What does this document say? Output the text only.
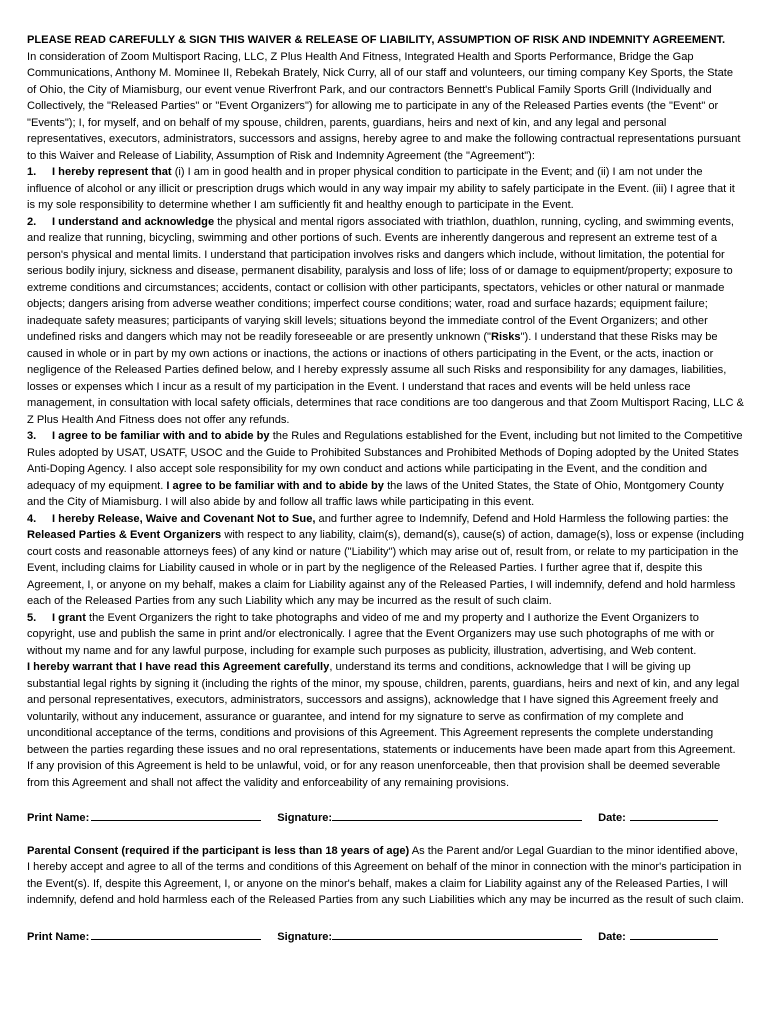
PLEASE READ CAREFULLY & SIGN THIS WAIVER & RELEASE OF LIABILITY, ASSUMPTION OF RISK AND INDEMNITY AGREEMENT.

In consideration of Zoom Multisport Racing, LLC, Z Plus Health And Fitness, Integrated Health and Sports Performance, Bridge the Gap Communications, Anthony M. Mominee II, Rebekah Brately, Nick Curry, all of our staff and volunteers, our timing company Key Sports, the State of Ohio, the City of Miamisburg, our event venue Riverfront Park, and our contractors Bennett's Publical Family Sports Grill (Individually and Collectively, the "Released Parties" or "Event Organizers") for allowing me to participate in any of the Released Parties events (the "Event" or "Events"); I, for myself, and on behalf of my spouse, children, parents, guardians, heirs and next of kin, and any legal and personal representatives, executors, administrators, successors and assigns, hereby agree to and make the following contractual representations pursuant to this Waiver and Release of Liability, Assumption of Risk and Indemnity Agreement (the "Agreement"):

1. I hereby represent that (i) I am in good health and in proper physical condition to participate in the Event; and (ii) I am not under the influence of alcohol or any illicit or prescription drugs which would in any way impair my ability to safely participate in the Event. (iii) I agree that it is my sole responsibility to determine whether I am sufficiently fit and healthy enough to participate in the Event.

2. I understand and acknowledge the physical and mental rigors associated with triathlon, duathlon, running, cycling, and swimming events, and realize that running, bicycling, swimming and other portions of such. Events are inherently dangerous and represent an extreme test of a person's physical and mental limits. I understand that participation involves risks and dangers which include, without limitation, the potential for serious bodily injury, sickness and disease, permanent disability, paralysis and loss of life; loss of or damage to equipment/property; exposure to extreme conditions and circumstances; accidents, contact or collision with other participants, spectators, vehicles or other natural or manmade objects; dangers arising from adverse weather conditions; imperfect course conditions; water, road and surface hazards; equipment failure; inadequate safety measures; participants of varying skill levels; situations beyond the immediate control of the Event Organizers; and other undefined risks and dangers which may not be readily foreseeable or are presently unknown ("Risks"). I understand that these Risks may be caused in whole or in part by my own actions or inactions, the actions or inactions of others participating in the Event, or the acts, inaction or negligence of the Released Parties defined below, and I hereby expressly assume all such Risks and responsibility for any damages, liabilities, losses or expenses which I incur as a result of my participation in the Event. I understand that races and events will be held unless race management, in consultation with local safety officials, determines that race conditions are too dangerous and that Zoom Multisport Racing, LLC & Z Plus Health And Fitness does not offer any refunds.

3. I agree to be familiar with and to abide by the Rules and Regulations established for the Event, including but not limited to the Competitive Rules adopted by USAT, USATF, USOC and the Guide to Prohibited Substances and Prohibited Methods of Doping adopted by the United States Anti-Doping Agency. I also accept sole responsibility for my own conduct and actions while participating in the Event, and the condition and adequacy of my equipment. I agree to be familiar with and to abide by the laws of the United States, the State of Ohio, Montgomery County and the City of Miamisburg. I will also abide by and follow all traffic laws while participating in this event.

4. I hereby Release, Waive and Covenant Not to Sue, and further agree to Indemnify, Defend and Hold Harmless the following parties: the Released Parties & Event Organizers with respect to any liability, claim(s), demand(s), cause(s) of action, damage(s), loss or expense (including court costs and reasonable attorneys fees) of any kind or nature ("Liability") which may arise out of, result from, or relate to my participation in the Event, including claims for Liability caused in whole or in part by the negligence of the Released Parties. I further agree that if, despite this Agreement, I, or anyone on my behalf, makes a claim for Liability against any of the Released Parties, I will indemnify, defend and hold harmless each of the Released Parties from any such Liability which any may be incurred as the result of such claim.

5. I grant the Event Organizers the right to take photographs and video of me and my property and I authorize the Event Organizers to copyright, use and publish the same in print and/or electronically. I agree that the Event Organizers may use such photographs of me with or without my name and for any lawful purpose, including for example such purposes as publicity, illustration, advertising, and Web content.

I hereby warrant that I have read this Agreement carefully, understand its terms and conditions, acknowledge that I will be giving up substantial legal rights by signing it (including the rights of the minor, my spouse, children, parents, guardians, heirs and next of kin, and any legal and personal representatives, executors, administrators, successors and assigns), acknowledge that I have signed this Agreement freely and voluntarily, without any inducement, assurance or guarantee, and intend for my signature to serve as confirmation of my complete and unconditional acceptance of the terms, conditions and provisions of this Agreement. This Agreement represents the complete understanding between the parties regarding these issues and no oral representations, statements or inducements have been made apart from this Agreement. If any provision of this Agreement is held to be unlawful, void, or for any reason unenforceable, then that provision shall be deemed severable from this Agreement and shall not affect the validity and enforceability of any remaining provisions.

Print Name:	Signature:	Date:

Parental Consent (required if the participant is less than 18 years of age) As the Parent and/or Legal Guardian to the minor identified above, I hereby accept and agree to all of the terms and conditions of this Agreement on behalf of the minor in connection with the minor's participation in the Event(s). If, despite this Agreement, I, or anyone on the minor's behalf, makes a claim for Liability against any of the Released Parties, I will indemnify, defend and hold harmless each of the Released Parties from any such Liabilities which any may be incurred as the result of such claim.

Print Name:	Signature:	Date:
